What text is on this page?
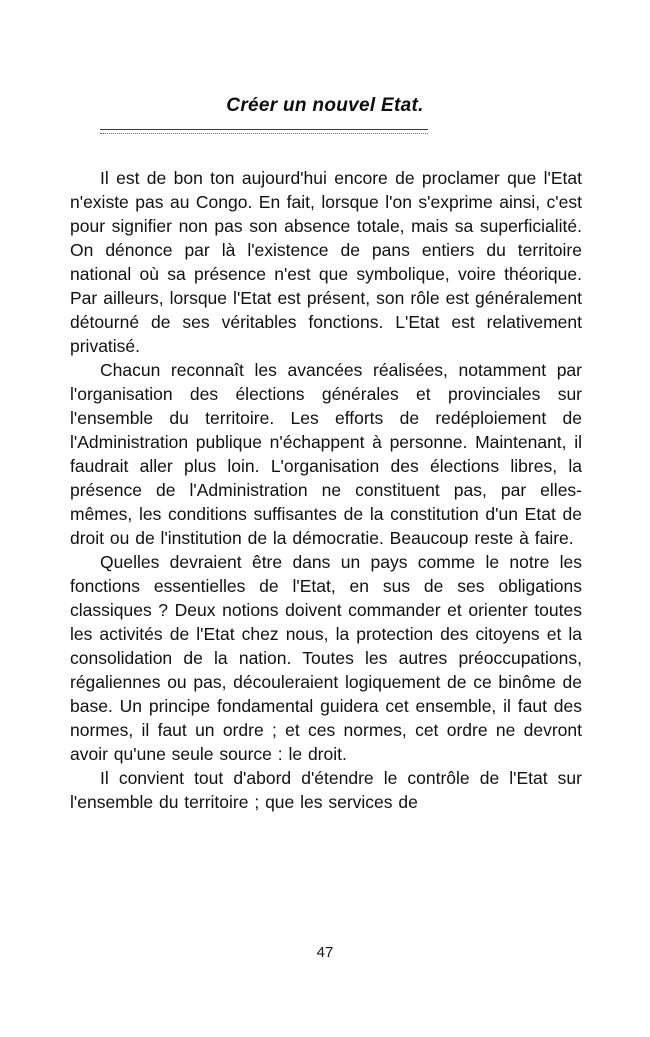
Créer un nouvel Etat.

Il est de bon ton aujourd'hui encore de proclamer que l'Etat n'existe pas au Congo. En fait, lorsque l'on s'exprime ainsi, c'est pour signifier non pas son absence totale, mais sa superficialité. On dénonce par là l'existence de pans entiers du territoire national où sa présence n'est que symbolique, voire théorique. Par ailleurs, lorsque l'Etat est présent, son rôle est généralement détourné de ses véritables fonctions. L'Etat est relativement privatisé.

Chacun reconnaît les avancées réalisées, notamment par l'organisation des élections générales et provinciales sur l'ensemble du territoire. Les efforts de redéploiement de l'Administration publique n'échappent à personne. Maintenant, il faudrait aller plus loin. L'organisation des élections libres, la présence de l'Administration ne constituent pas, par elles-mêmes, les conditions suffisantes de la constitution d'un Etat de droit ou de l'institution de la démocratie. Beaucoup reste à faire.

Quelles devraient être dans un pays comme le notre les fonctions essentielles de l'Etat, en sus de ses obligations classiques ? Deux notions doivent commander et orienter toutes les activités de l'Etat chez nous, la protection des citoyens et la consolidation de la nation. Toutes les autres préoccupations, régaliennes ou pas, découleraient logiquement de ce binôme de base. Un principe fondamental guidera cet ensemble, il faut des normes, il faut un ordre ; et ces normes, cet ordre ne devront avoir qu'une seule source : le droit.

Il convient tout d'abord d'étendre le contrôle de l'Etat sur l'ensemble du territoire ; que les services de

47
